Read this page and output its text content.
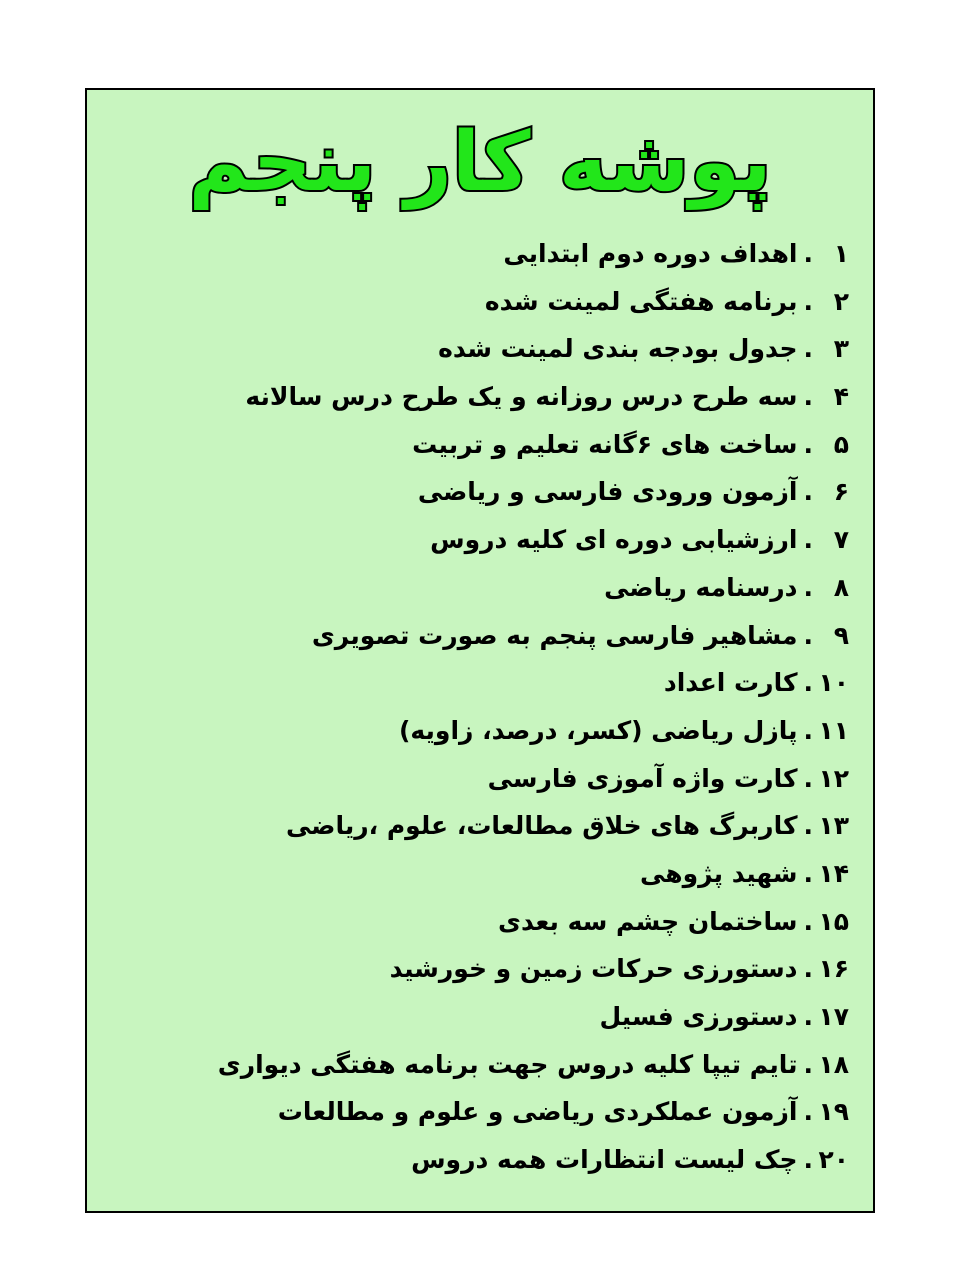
پوشه کار پنجم
۱.اهداف دوره دوم ابتدایی
۲.برنامه هفتگی لمینت شده
۳.جدول بودجه بندی لمینت شده
۴.سه طرح درس روزانه و یک طرح درس سالانه
۵.ساخت های ۶گانه تعلیم و تربیت
۶.آزمون ورودی فارسی و ریاضی
۷.ارزشیابی دوره ای کلیه دروس
۸.درسنامه ریاضی
۹.مشاهیر فارسی پنجم به صورت تصویری
۱۰.کارت اعداد
۱۱.پازل ریاضی (کسر، درصد، زاویه)
۱۲.کارت واژه آموزی فارسی
۱۳.کاربرگ های خلاق مطالعات، علوم ،ریاضی
۱۴.شهید پژوهی
۱۵.ساختمان چشم سه بعدی
۱۶.دستورزی حرکات زمین و خورشید
۱۷.دستورزی فسیل
۱۸.تایم تیپا کلیه دروس جهت برنامه هفتگی دیواری
۱۹.آزمون عملکردی ریاضی و علوم و مطالعات
۲۰.چک لیست انتظارات همه دروس
